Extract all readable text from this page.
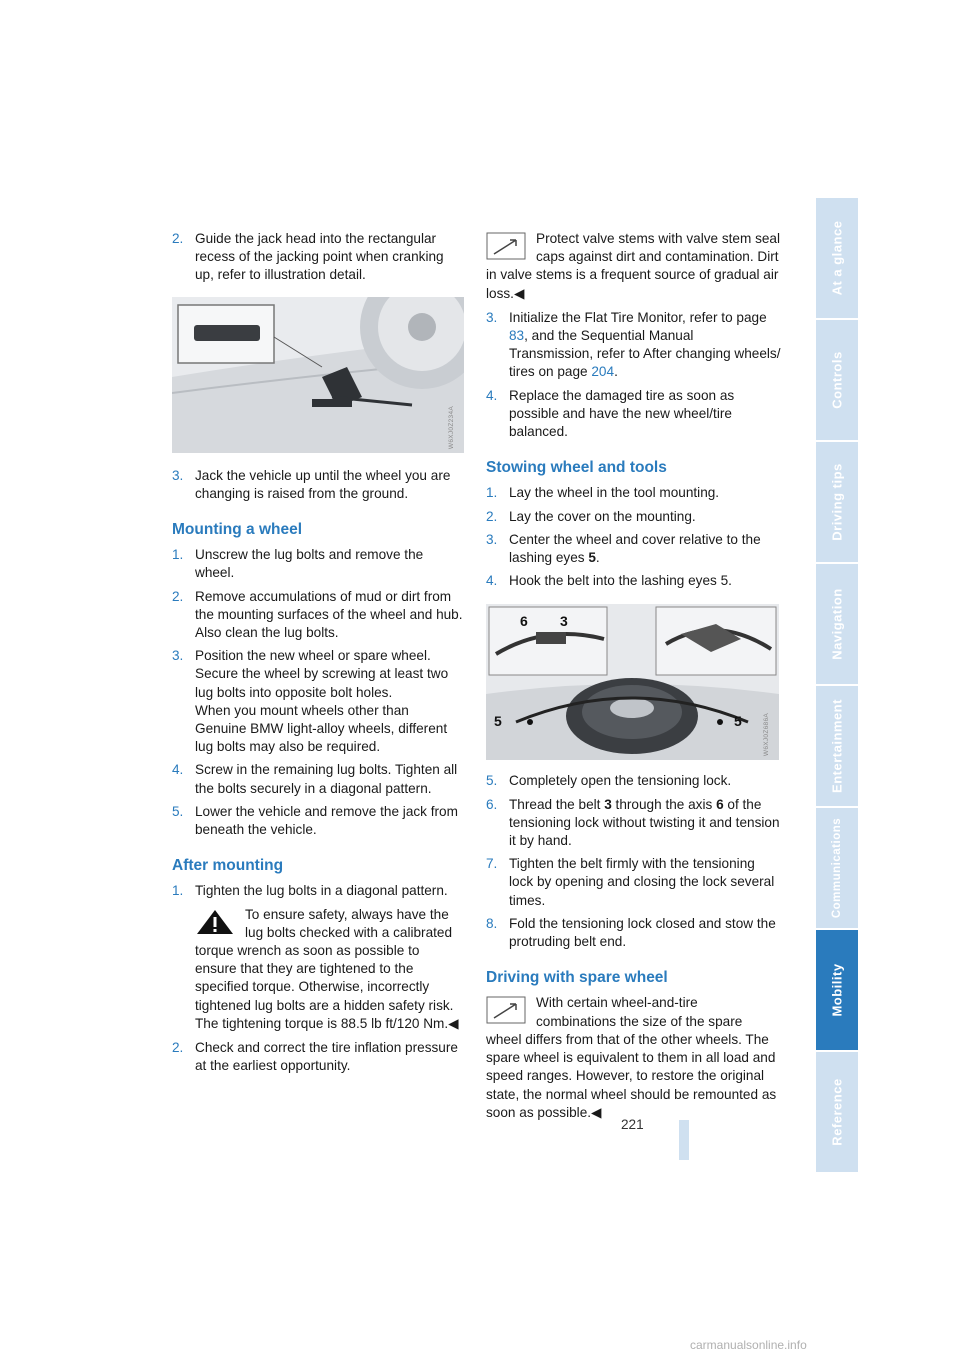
2. Guide the jack head into the rectangular recess of the jacking point when cranking up, refer to illustration detail.
W6XJ0Z234A
3. Jack the vehicle up until the wheel you are changing is raised from the ground.
Mounting a wheel
1. Unscrew the lug bolts and remove the wheel.
2. Remove accumulations of mud or dirt from the mounting surfaces of the wheel and hub. Also clean the lug bolts.
3. Position the new wheel or spare wheel. Secure the wheel by screwing at least two lug bolts into opposite bolt holes.
When you mount wheels other than Genuine BMW light-alloy wheels, different lug bolts may also be required.
4. Screw in the remaining lug bolts. Tighten all the bolts securely in a diagonal pattern.
5. Lower the vehicle and remove the jack from beneath the vehicle.
After mounting
1. Tighten the lug bolts in a diagonal pattern.
To ensure safety, always have the lug bolts checked with a calibrated torque wrench as soon as possible to ensure that they are tightened to the specified torque. Otherwise, incorrectly tightened lug bolts are a hidden safety risk. The tightening torque is 88.5 lb ft/120 Nm.◀
2. Check and correct the tire inflation pressure at the earliest opportunity.
Protect valve stems with valve stem seal caps against dirt and contamination. Dirt in valve stems is a frequent source of gradual air loss.◀
3. Initialize the Flat Tire Monitor, refer to page 83, and the Sequential Manual Transmission, refer to After changing wheels/ tires on page 204.
4. Replace the damaged tire as soon as possible and have the new wheel/tire balanced.
Stowing wheel and tools
1. Lay the wheel in the tool mounting.
2. Lay the cover on the mounting.
3. Center the wheel and cover relative to the lashing eyes 5.
4. Hook the belt into the lashing eyes 5.
6 3
5	5	W6XJ0Z686A
5. Completely open the tensioning lock.
6. Thread the belt 3 through the axis 6 of the tensioning lock without twisting it and tension it by hand.
7. Tighten the belt firmly with the tensioning lock by opening and closing the lock several times.
8. Fold the tensioning lock closed and stow the protruding belt end.
Driving with spare wheel
With certain wheel-and-tire combinations the size of the spare wheel differs from that of the other wheels. The spare wheel is equivalent to them in all load and speed ranges. However, to restore the original state, the normal wheel should be remounted as soon as possible.◀
221
At a glance
Controls
Driving tips
Navigation
Entertainment
Communications
Mobility
Reference
carmanualsonline.info
